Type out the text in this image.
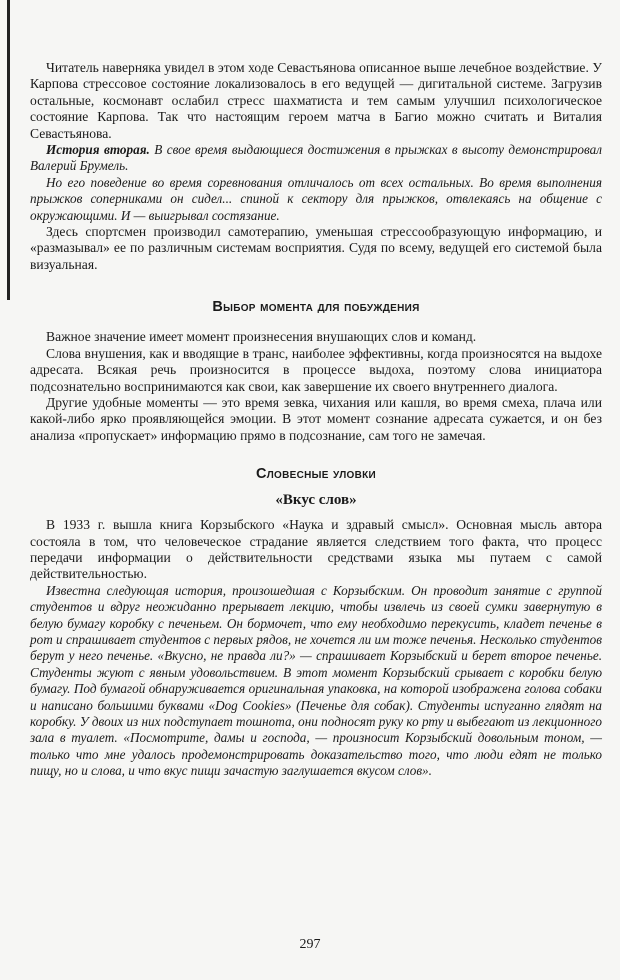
Читатель наверняка увидел в этом ходе Севастьянова описанное выше лечебное воздействие. У Карпова стрессовое состояние локализовалось в его ведущей — дигитальной системе. Загрузив остальные, космонавт ослабил стресс шахматиста и тем самым улучшил психологическое состояние Карпова. Так что настоящим героем матча в Багио можно считать и Виталия Севастьянова.

История вторая. В свое время выдающиеся достижения в прыжках в высоту демонстрировал Валерий Брумель.

Но его поведение во время соревнования отличалось от всех остальных. Во время выполнения прыжков соперниками он сидел... спиной к сектору для прыжков, отвлекаясь на общение с окружающими. И — выигрывал состязание.

Здесь спортсмен производил самотерапию, уменьшая стрессообразующую информацию, и «размазывал» ее по различным системам восприятия. Судя по всему, ведущей его системой была визуальная.

Выбор момента для побуждения

Важное значение имеет момент произнесения внушающих слов и команд.

Слова внушения, как и вводящие в транс, наиболее эффективны, когда произносятся на выдохе адресата. Всякая речь произносится в процессе выдоха, поэтому слова инициатора подсознательно воспринимаются как свои, как завершение их своего внутреннего диалога.

Другие удобные моменты — это время зевка, чихания или кашля, во время смеха, плача или какой-либо ярко проявляющейся эмоции. В этот момент сознание адресата сужается, и он без анализа «пропускает» информацию прямо в подсознание, сам того не замечая.

Словесные уловки
«Вкус слов»

В 1933 г. вышла книга Корзыбского «Наука и здравый смысл». Основная мысль автора состояла в том, что человеческое страдание является следствием того факта, что процесс передачи информации о действительности средствами языка мы путаем с самой действительностью.

Известна следующая история, произошедшая с Корзыбским. Он проводит занятие с группой студентов и вдруг неожиданно прерывает лекцию, чтобы извлечь из своей сумки завернутую в белую бумагу коробку с печеньем. Он бормочет, что ему необходимо перекусить, кладет печенье в рот и спрашивает студентов с первых рядов, не хочется ли им тоже печенья. Несколько студентов берут у него печенье. «Вкусно, не правда ли?» — спрашивает Корзыбский и берет второе печенье. Студенты жуют с явным удовольствием. В этот момент Корзыбский срывает с коробки белую бумагу. Под бумагой обнаруживается оригинальная упаковка, на которой изображена голова собаки и написано большими буквами «Dog Cookies» (Печенье для собак). Студенты испуганно глядят на коробку. У двоих из них подступает тошнота, они подносят руку ко рту и выбегают из лекционного зала в туалет. «Посмотрите, дамы и господа, — произносит Корзыбский довольным тоном, — только что мне удалось продемонстрировать доказательство того, что люди едят не только пищу, но и слова, и что вкус пищи зачастую заглушается вкусом слов».

297
